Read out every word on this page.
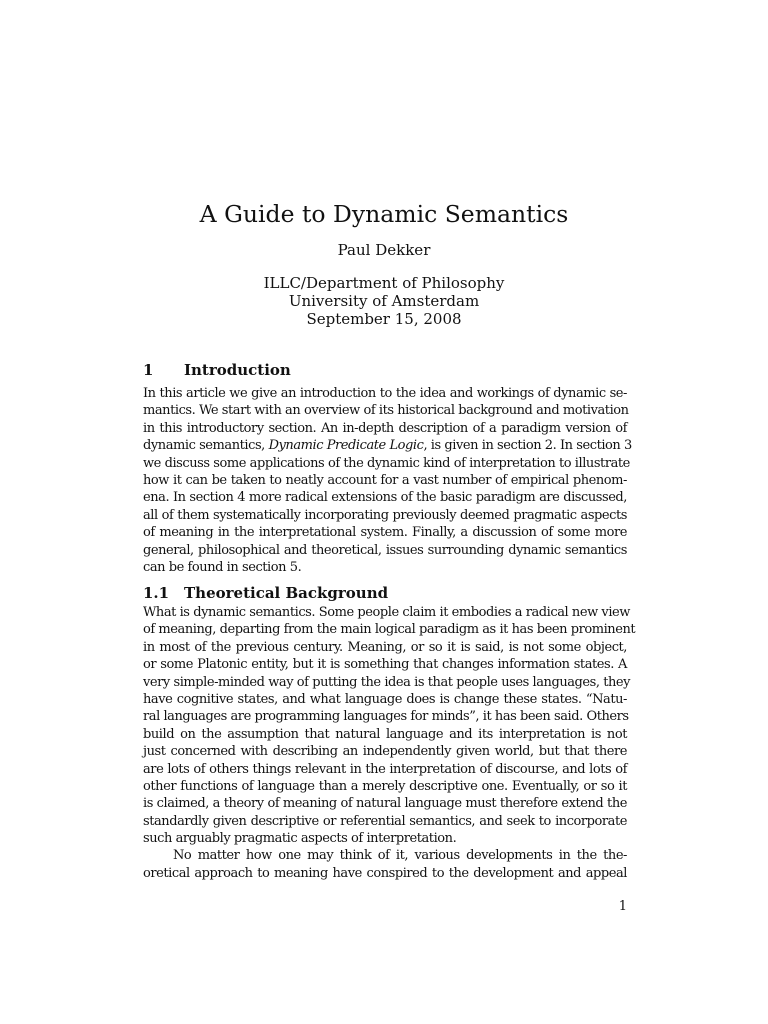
A Guide to Dynamic Semantics
Paul Dekker
ILLC/Department of Philosophy
University of Amsterdam
September 15, 2008
1 Introduction
In this article we give an introduction to the idea and workings of dynamic se-
mantics. We start with an overview of its historical background and motivation
in this introductory section. An in-depth description of a paradigm version of
dynamic semantics, Dynamic Predicate Logic, is given in section 2. In section 3
we discuss some applications of the dynamic kind of interpretation to illustrate
how it can be taken to neatly account for a vast number of empirical phenom-
ena. In section 4 more radical extensions of the basic paradigm are discussed,
all of them systematically incorporating previously deemed pragmatic aspects
of meaning in the interpretational system. Finally, a discussion of some more
general, philosophical and theoretical, issues surrounding dynamic semantics
can be found in section 5.
1.1 Theoretical Background
What is dynamic semantics. Some people claim it embodies a radical new view
of meaning, departing from the main logical paradigm as it has been prominent
in most of the previous century. Meaning, or so it is said, is not some object,
or some Platonic entity, but it is something that changes information states. A
very simple-minded way of putting the idea is that people uses languages, they
have cognitive states, and what language does is change these states. “Natu-
ral languages are programming languages for minds”, it has been said. Others
build on the assumption that natural language and its interpretation is not
just concerned with describing an independently given world, but that there
are lots of others things relevant in the interpretation of discourse, and lots of
other functions of language than a merely descriptive one. Eventually, or so it
is claimed, a theory of meaning of natural language must therefore extend the
standardly given descriptive or referential semantics, and seek to incorporate
such arguably pragmatic aspects of interpretation.
No matter how one may think of it, various developments in the the-
oretical approach to meaning have conspired to the development and appeal
1
